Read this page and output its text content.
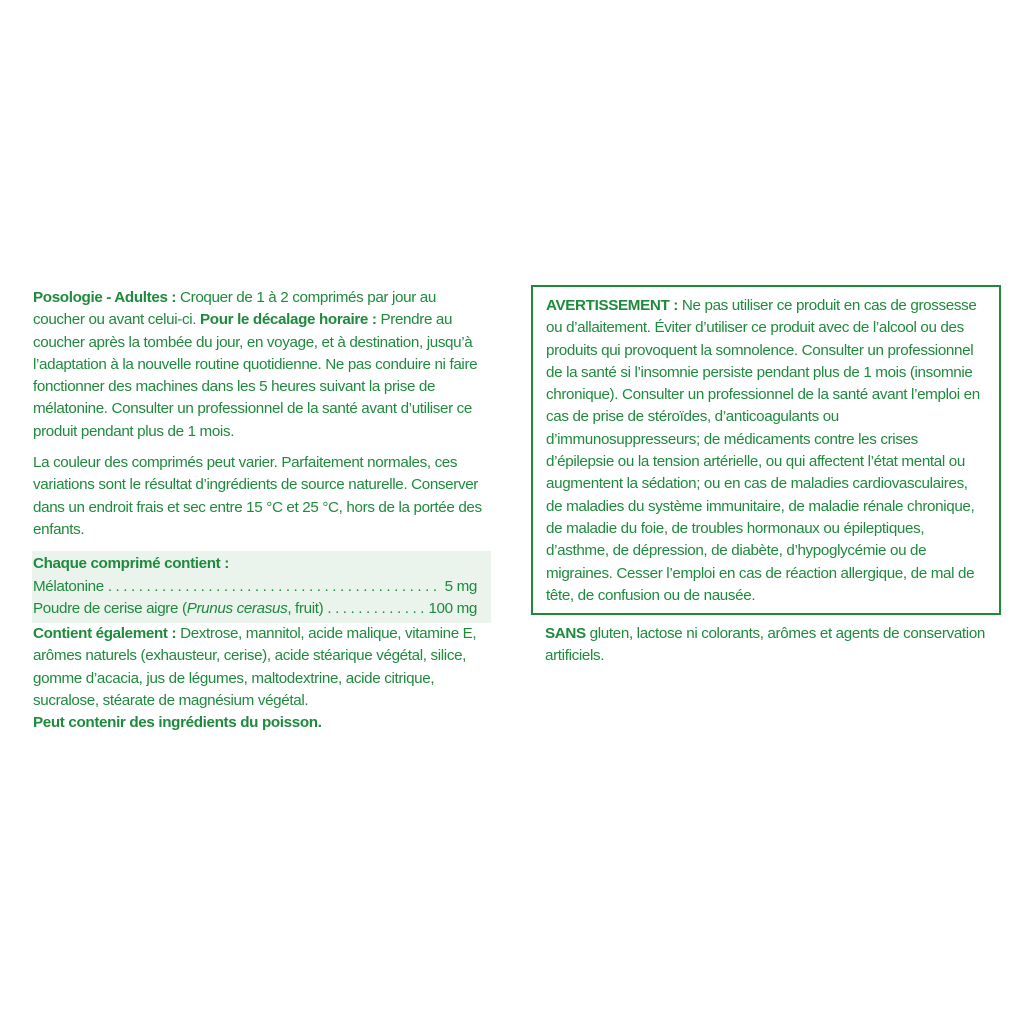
Posologie - Adultes : Croquer de 1 à 2 comprimés par jour au coucher ou avant celui-ci. Pour le décalage horaire : Prendre au coucher après la tombée du jour, en voyage, et à destination, jusqu’à l’adaptation à la nouvelle routine quotidienne. Ne pas conduire ni faire fonctionner des machines dans les 5 heures suivant la prise de mélatonine. Consulter un professionnel de la santé avant d’utiliser ce produit pendant plus de 1 mois.

La couleur des comprimés peut varier. Parfaitement normales, ces variations sont le résultat d’ingrédients de source naturelle. Conserver dans un endroit frais et sec entre 15 °C et 25 °C, hors de la portée des enfants.

Chaque comprimé contient :
Mélatonine . . .	5 mg
Poudre de cerise aigre (Prunus cerasus, fruit) . . .	100 mg

Contient également : Dextrose, mannitol, acide malique, vitamine E, arômes naturels (exhausteur, cerise), acide stéarique végétal, silice, gomme d’acacia, jus de légumes, maltodextrine, acide citrique, sucralose, stéarate de magnésium végétal.

Peut contenir des ingrédients du poisson.

AVERTISSEMENT : Ne pas utiliser ce produit en cas de grossesse ou d’allaitement. Éviter d’utiliser ce produit avec de l’alcool ou des produits qui provoquent la somnolence. Consulter un professionnel de la santé si l’insomnie persiste pendant plus de 1 mois (insomnie chronique). Consulter un professionnel de la santé avant l’emploi en cas de prise de stéroïdes, d’anticoagulants ou d’immunosuppresseurs; de médicaments contre les crises d’épilepsie ou la tension artérielle, ou qui affectent l’état mental ou augmentent la sédation; ou en cas de maladies cardiovasculaires, de maladies du système immunitaire, de maladie rénale chronique, de maladie du foie, de troubles hormonaux ou épileptiques, d’asthme, de dépression, de diabète, d’hypoglycémie ou de migraines. Cesser l’emploi en cas de réaction allergique, de mal de tête, de confusion ou de nausée.

SANS gluten, lactose ni colorants, arômes et agents de conservation artificiels.
